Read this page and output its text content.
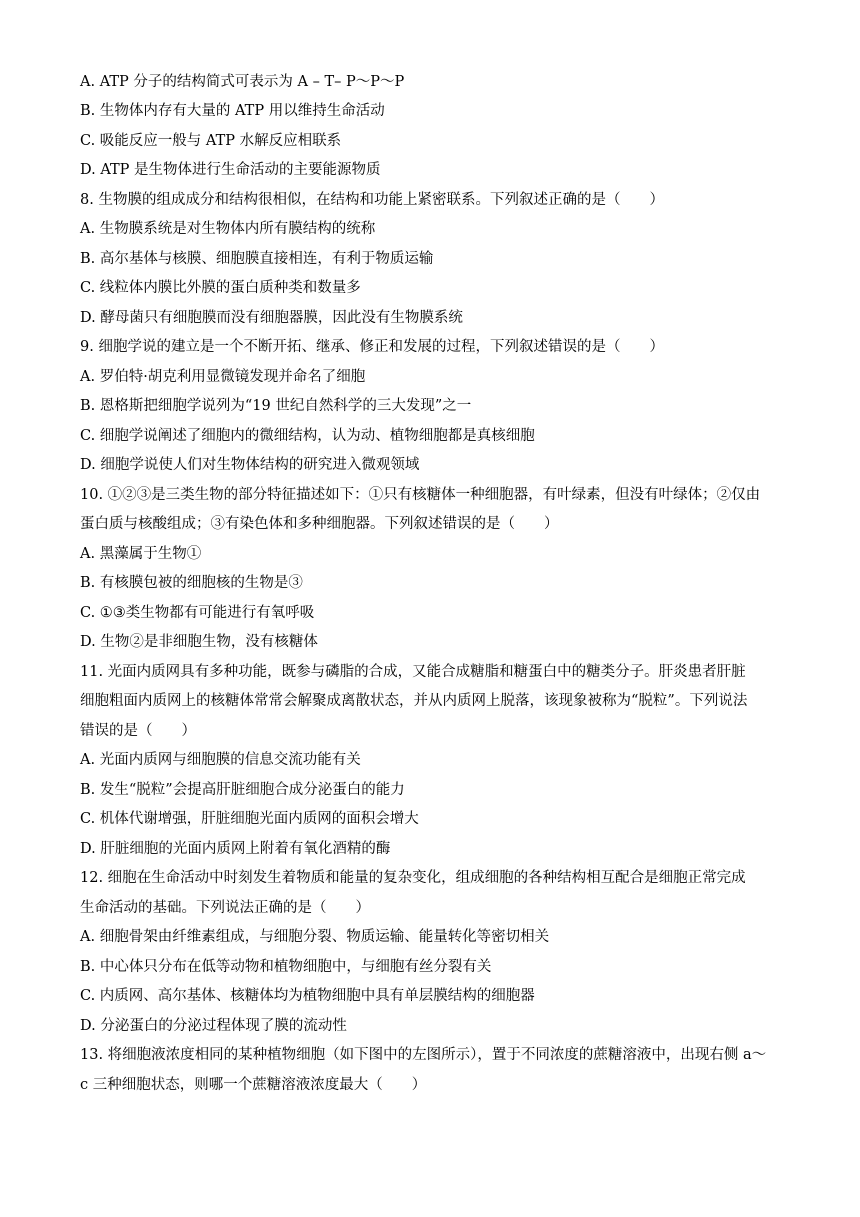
A. ATP 分子的结构简式可表示为 A – T– P～P～P
B. 生物体内存有大量的 ATP 用以维持生命活动
C. 吸能反应一般与 ATP 水解反应相联系
D. ATP 是生物体进行生命活动的主要能源物质
8. 生物膜的组成成分和结构很相似，在结构和功能上紧密联系。下列叙述正确的是（　　）
A. 生物膜系统是对生物体内所有膜结构的统称
B. 高尔基体与核膜、细胞膜直接相连，有利于物质运输
C. 线粒体内膜比外膜的蛋白质种类和数量多
D. 酵母菌只有细胞膜而没有细胞器膜，因此没有生物膜系统
9. 细胞学说的建立是一个不断开拓、继承、修正和发展的过程，下列叙述错误的是（　　）
A. 罗伯特·胡克利用显微镜发现并命名了细胞
B. 恩格斯把细胞学说列为“19 世纪自然科学的三大发现”之一
C. 细胞学说阐述了细胞内的微细结构，认为动、植物细胞都是真核细胞
D. 细胞学说使人们对生物体结构的研究进入微观领域
10. ①②③是三类生物的部分特征描述如下：①只有核糖体一种细胞器，有叶绿素，但没有叶绿体；②仅由
蛋白质与核酸组成；③有染色体和多种细胞器。下列叙述错误的是（　　）
A. 黑藻属于生物①
B. 有核膜包被的细胞核的生物是③
C. ①③类生物都有可能进行有氧呼吸
D. 生物②是非细胞生物，没有核糖体
11. 光面内质网具有多种功能，既参与磷脂的合成，又能合成糖脂和糖蛋白中的糖类分子。肝炎患者肝脏
细胞粗面内质网上的核糖体常常会解聚成离散状态，并从内质网上脱落，该现象被称为“脱粒”。下列说法
错误的是（　　）
A. 光面内质网与细胞膜的信息交流功能有关
B. 发生“脱粒”会提高肝脏细胞合成分泌蛋白的能力
C. 机体代谢增强，肝脏细胞光面内质网的面积会增大
D. 肝脏细胞的光面内质网上附着有氧化酒精的酶
12. 细胞在生命活动中时刻发生着物质和能量的复杂变化，组成细胞的各种结构相互配合是细胞正常完成
生命活动的基础。下列说法正确的是（　　）
A. 细胞骨架由纤维素组成，与细胞分裂、物质运输、能量转化等密切相关
B. 中心体只分布在低等动物和植物细胞中，与细胞有丝分裂有关
C. 内质网、高尔基体、核糖体均为植物细胞中具有单层膜结构的细胞器
D. 分泌蛋白的分泌过程体现了膜的流动性
13. 将细胞液浓度相同的某种植物细胞（如下图中的左图所示），置于不同浓度的蔗糖溶液中，出现右侧 a～
c 三种细胞状态，则哪一个蔗糖溶液浓度最大（　　）
